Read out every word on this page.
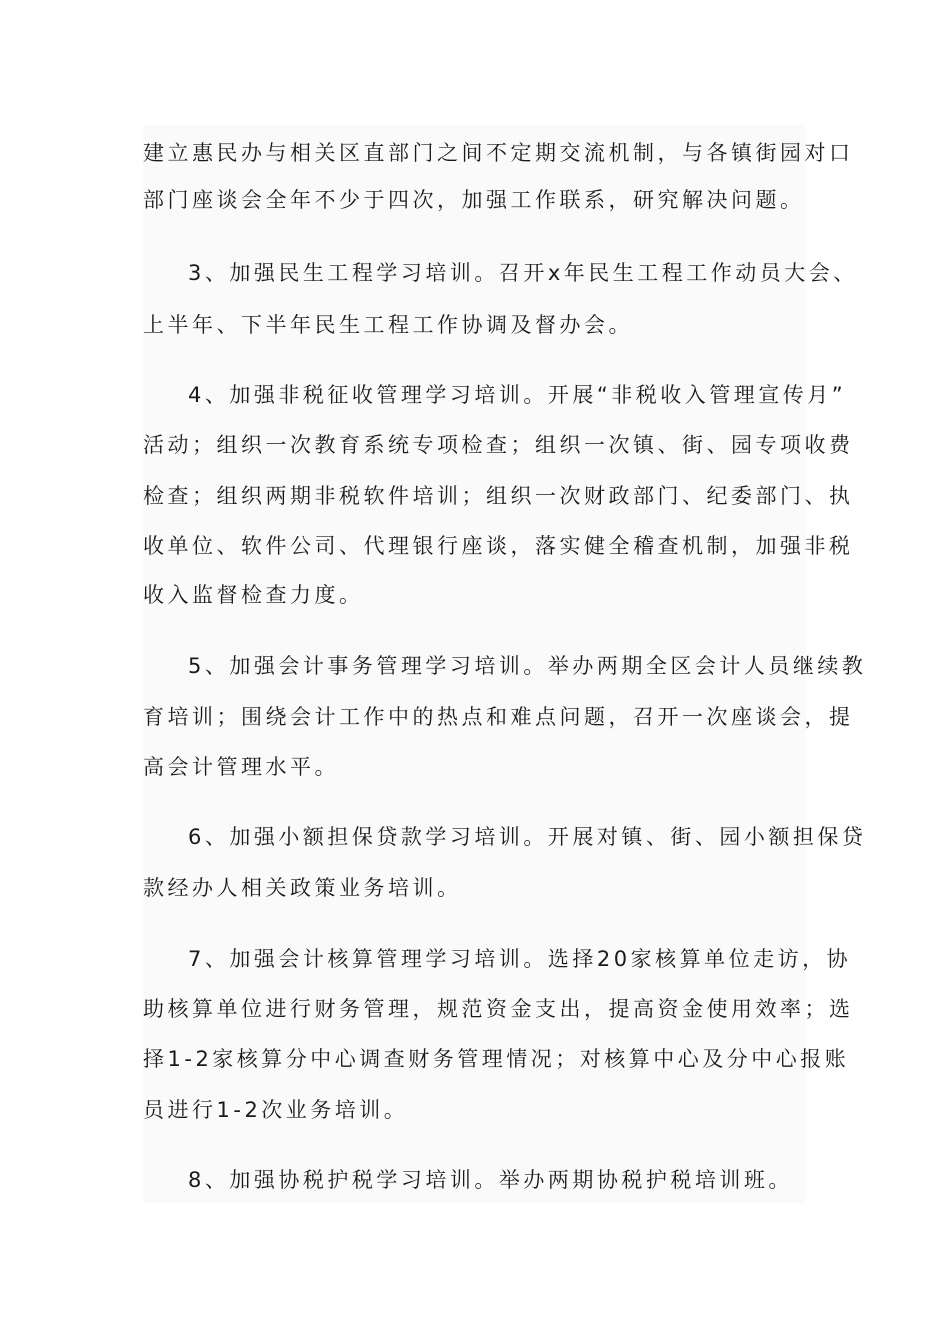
建立惠民办与相关区直部门之间不定期交流机制，与各镇街园对口
部门座谈会全年不少于四次，加强工作联系，研究解决问题。
3、加强民生工程学习培训。召开x年民生工程工作动员大会、
上半年、下半年民生工程工作协调及督办会。
4、加强非税征收管理学习培训。开展“非税收入管理宣传月”
活动；组织一次教育系统专项检查；组织一次镇、街、园专项收费
检查；组织两期非税软件培训；组织一次财政部门、纪委部门、执
收单位、软件公司、代理银行座谈，落实健全稽查机制，加强非税
收入监督检查力度。
5、加强会计事务管理学习培训。举办两期全区会计人员继续教
育培训；围绕会计工作中的热点和难点问题，召开一次座谈会，提
高会计管理水平。
6、加强小额担保贷款学习培训。开展对镇、街、园小额担保贷
款经办人相关政策业务培训。
7、加强会计核算管理学习培训。选择20家核算单位走访，协
助核算单位进行财务管理，规范资金支出，提高资金使用效率；选
择1-2家核算分中心调查财务管理情况；对核算中心及分中心报账
员进行1-2次业务培训。
8、加强协税护税学习培训。举办两期协税护税培训班。
